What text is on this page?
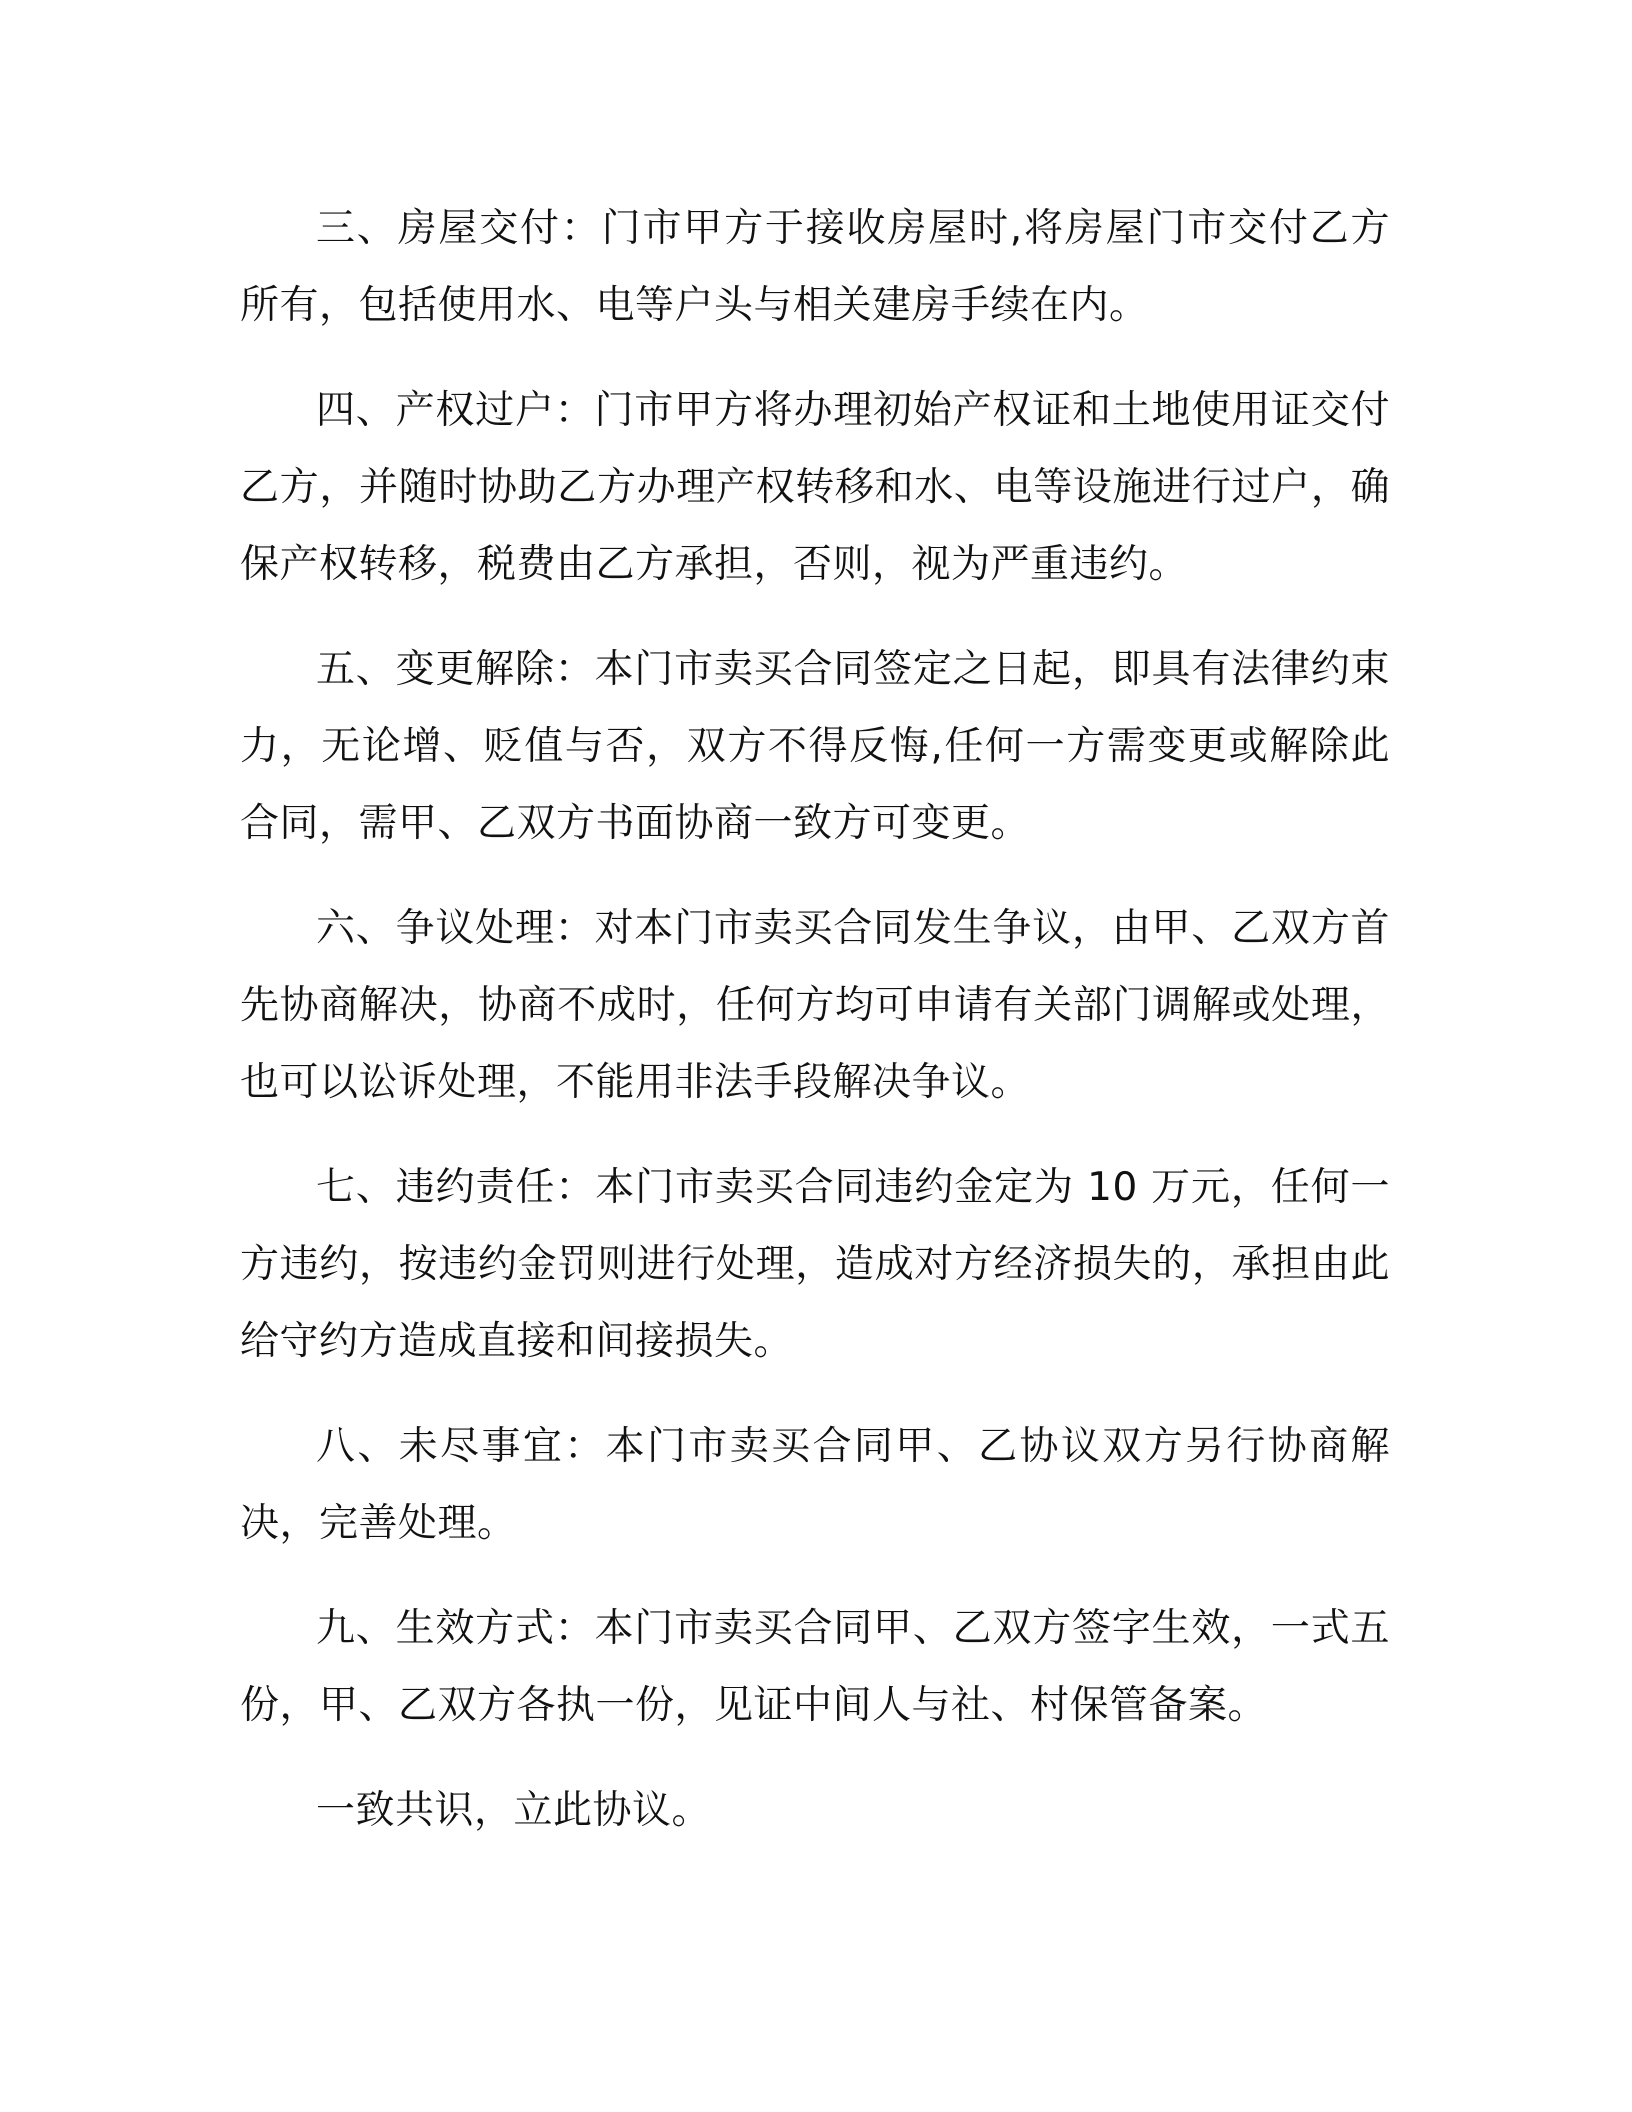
三、房屋交付：门市甲方于接收房屋时,将房屋门市交付乙方所有，包括使用水、电等户头与相关建房手续在内。

四、产权过户：门市甲方将办理初始产权证和土地使用证交付乙方，并随时协助乙方办理产权转移和水、电等设施进行过户，确保产权转移，税费由乙方承担，否则，视为严重违约。

五、变更解除：本门市卖买合同签定之日起，即具有法律约束力，无论增、贬值与否，双方不得反悔,任何一方需变更或解除此合同，需甲、乙双方书面协商一致方可变更。

六、争议处理：对本门市卖买合同发生争议，由甲、乙双方首先协商解决，协商不成时，任何方均可申请有关部门调解或处理，也可以讼诉处理，不能用非法手段解决争议。

七、违约责任：本门市卖买合同违约金定为 10 万元，任何一方违约，按违约金罚则进行处理，造成对方经济损失的，承担由此给守约方造成直接和间接损失。

八、未尽事宜：本门市卖买合同甲、乙协议双方另行协商解决，完善处理。

九、生效方式：本门市卖买合同甲、乙双方签字生效，一式五份，甲、乙双方各执一份，见证中间人与社、村保管备案。

一致共识，立此协议。
